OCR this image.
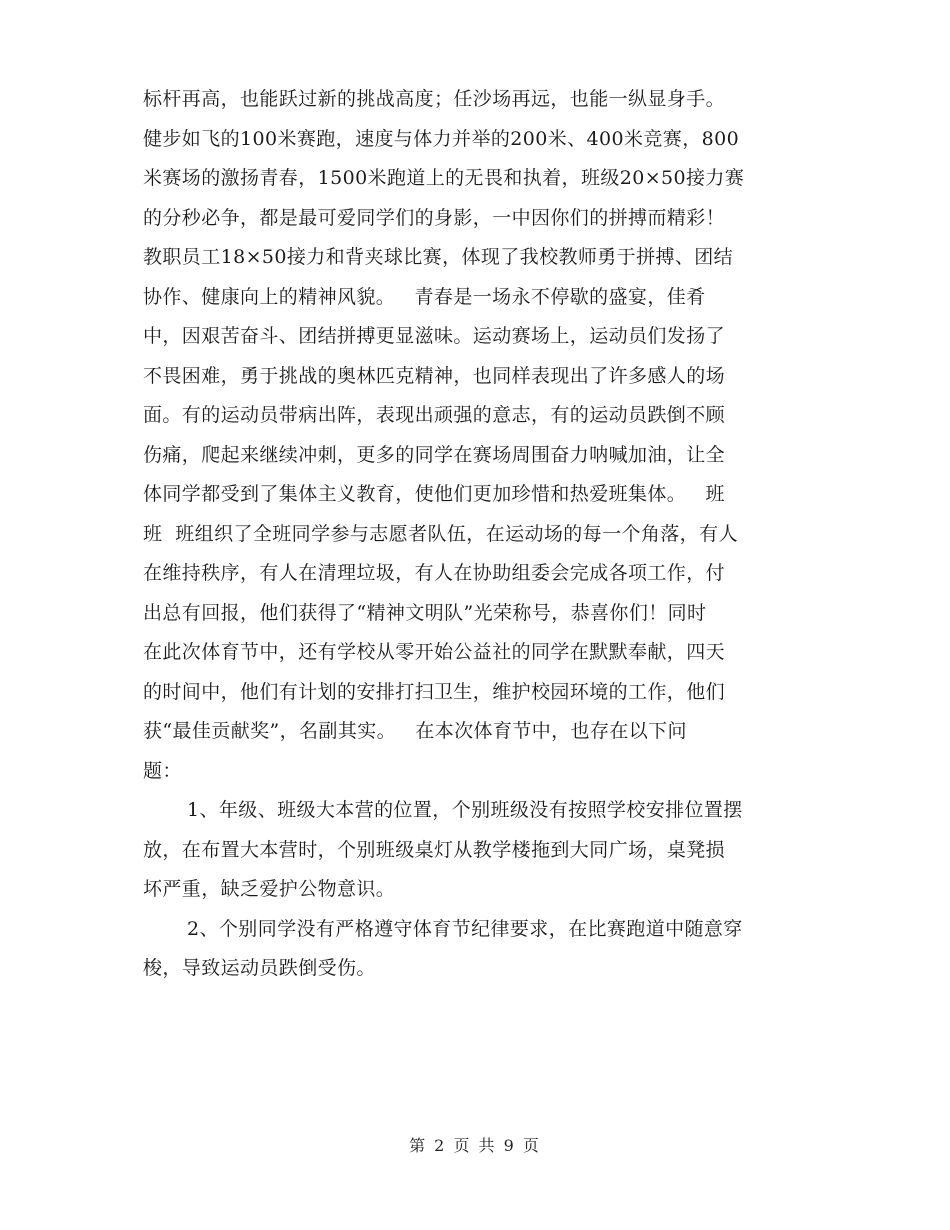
标杆再高，也能跃过新的挑战高度；任沙场再远，也能一纵显身手。
健步如飞的100米赛跑，速度与体力并举的200米、400米竞赛，800
米赛场的激扬青春，1500米跑道上的无畏和执着，班级20×50接力赛
的分秒必争，都是最可爱同学们的身影，一中因你们的拼搏而精彩！
教职员工18×50接力和背夹球比赛，体现了我校教师勇于拼搏、团结
协作、健康向上的精神风貌。   青春是一场永不停歇的盛宴，佳肴
中，因艰苦奋斗、团结拼搏更显滋味。运动赛场上，运动员们发扬了
不畏困难，勇于挑战的奥林匹克精神，也同样表现出了许多感人的场
面。有的运动员带病出阵，表现出顽强的意志，有的运动员跌倒不顾
伤痛，爬起来继续冲刺，更多的同学在赛场周围奋力呐喊加油，让全
体同学都受到了集体主义教育，使他们更加珍惜和热爱班集体。   班
班  班组织了全班同学参与志愿者队伍，在运动场的每一个角落，有人
在维持秩序，有人在清理垃圾，有人在协助组委会完成各项工作，付
出总有回报，他们获得了“精神文明队”光荣称号，恭喜你们！同时
在此次体育节中，还有学校从零开始公益社的同学在默默奉献，四天
的时间中，他们有计划的安排打扫卫生，维护校园环境的工作，他们
获“最佳贡献奖”，名副其实。   在本次体育节中，也存在以下问
题：
1、年级、班级大本营的位置，个别班级没有按照学校安排位置摆
放，在布置大本营时，个别班级桌灯从教学楼拖到大同广场，桌凳损
坏严重，缺乏爱护公物意识。
2、个别同学没有严格遵守体育节纪律要求，在比赛跑道中随意穿
梭，导致运动员跌倒受伤。
第 2 页 共 9 页
